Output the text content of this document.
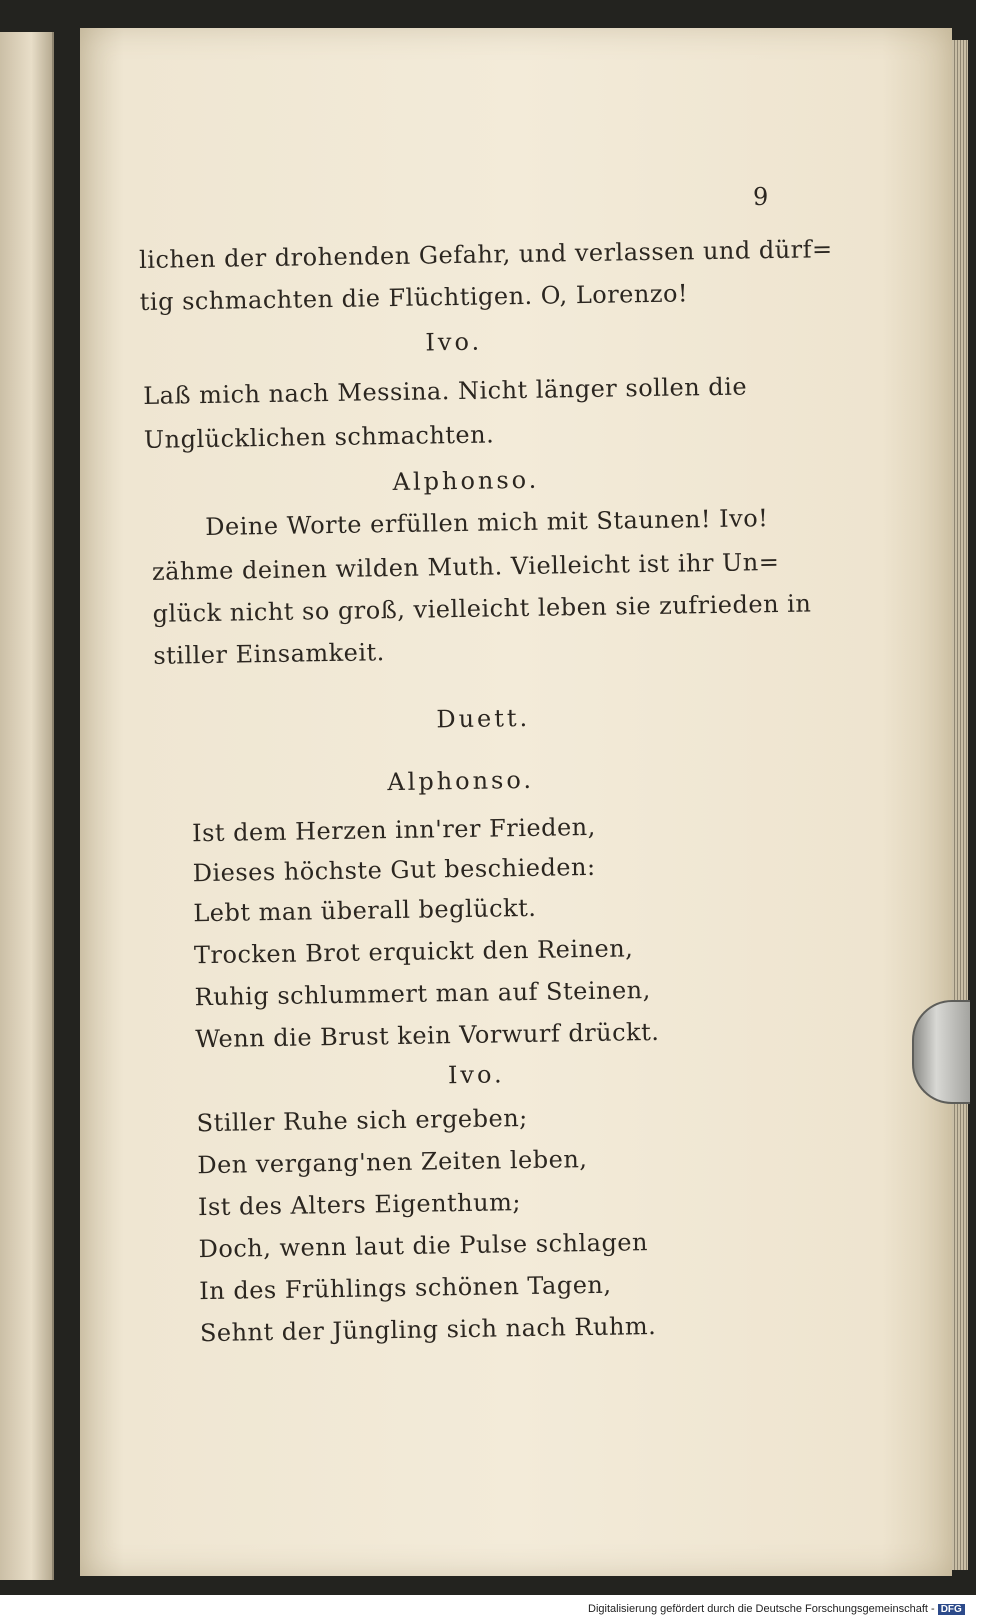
9
lichen der drohenden Gefahr, und verlassen und dürf=
tig schmachten die Flüchtigen. O, Lorenzo!
Ivo.
Laß mich nach Messina. Nicht länger sollen die
Unglücklichen schmachten.
Alphonso.
Deine Worte erfüllen mich mit Staunen! Ivo!
zähme deinen wilden Muth. Vielleicht ist ihr Un=
glück nicht so groß, vielleicht leben sie zufrieden in
stiller Einsamkeit.
Duett.
Alphonso.
Ist dem Herzen inn'rer Frieden,
Dieses höchste Gut beschieden:
Lebt man überall beglückt.
Trocken Brot erquickt den Reinen,
Ruhig schlummert man auf Steinen,
Wenn die Brust kein Vorwurf drückt.
Ivo.
Stiller Ruhe sich ergeben;
Den vergang'nen Zeiten leben,
Ist des Alters Eigenthum;
Doch, wenn laut die Pulse schlagen
In des Frühlings schönen Tagen,
Sehnt der Jüngling sich nach Ruhm.
Digitalisierung gefördert durch die Deutsche Forschungsgemeinschaft - DFG
